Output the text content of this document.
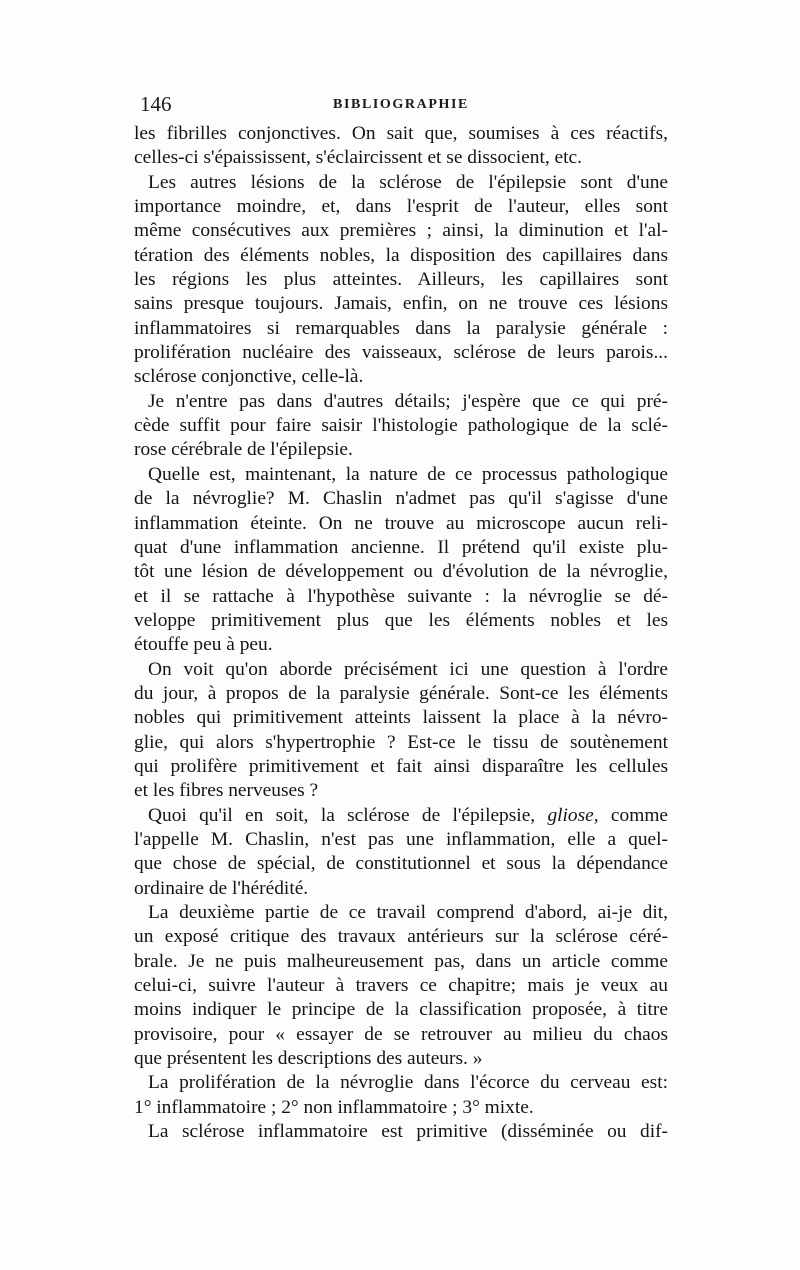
146	BIBLIOGRAPHIE

les fibrilles conjonctives. On sait que, soumises à ces réactifs,

celles-ci s'épaississent, s'éclaircissent et se dissocient, etc.

Les autres lésions de la sclérose de l'épilepsie sont d'une

importance moindre, et, dans l'esprit de l'auteur, elles sont

même consécutives aux premières ; ainsi, la diminution et l'al-

tération des éléments nobles, la disposition des capillaires dans

les régions les plus atteintes. Ailleurs, les capillaires sont

sains presque toujours. Jamais, enfin, on ne trouve ces lésions

inflammatoires si remarquables dans la paralysie générale :

prolifération nucléaire des vaisseaux, sclérose de leurs parois...

sclérose conjonctive, celle-là.

Je n'entre pas dans d'autres détails; j'espère que ce qui pré-

cède suffit pour faire saisir l'histologie pathologique de la sclé-

rose cérébrale de l'épilepsie.

Quelle est, maintenant, la nature de ce processus pathologique

de la névroglie? M. Chaslin n'admet pas qu'il s'agisse d'une

inflammation éteinte. On ne trouve au microscope aucun reli-

quat d'une inflammation ancienne. Il prétend qu'il existe plu-

tôt une lésion de développement ou d'évolution de la névroglie,

et il se rattache à l'hypothèse suivante : la névroglie se dé-

veloppe primitivement plus que les éléments nobles et les

étouffe peu à peu.

On voit qu'on aborde précisément ici une question à l'ordre

du jour, à propos de la paralysie générale. Sont-ce les éléments

nobles qui primitivement atteints laissent la place à la névro-

glie, qui alors s'hypertrophie ? Est-ce le tissu de soutènement

qui prolifère primitivement et fait ainsi disparaître les cellules

et les fibres nerveuses ?

Quoi qu'il en soit, la sclérose de l'épilepsie, gliose, comme

l'appelle M. Chaslin, n'est pas une inflammation, elle a quel-

que chose de spécial, de constitutionnel et sous la dépendance

ordinaire de l'hérédité.

La deuxième partie de ce travail comprend d'abord, ai-je dit,

un exposé critique des travaux antérieurs sur la sclérose céré-

brale. Je ne puis malheureusement pas, dans un article comme

celui-ci, suivre l'auteur à travers ce chapitre; mais je veux au

moins indiquer le principe de la classification proposée, à titre

provisoire, pour « essayer de se retrouver au milieu du chaos

que présentent les descriptions des auteurs. »

La prolifération de la névroglie dans l'écorce du cerveau est:

1° inflammatoire ; 2° non inflammatoire ; 3° mixte.

La sclérose inflammatoire est primitive (disséminée ou dif-
